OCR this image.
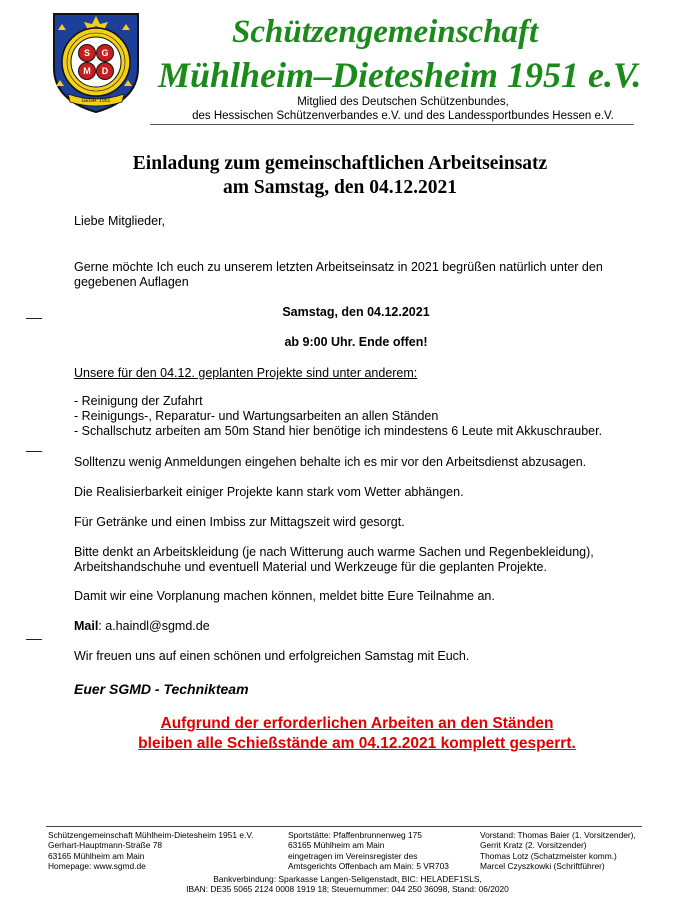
S G
M D
GEGR. 1951
Schützengemeinschaft
Mühlheim–Dietesheim 1951 e.V.
Mitglied des Deutschen Schützenbundes,
des Hessischen Schützenverbandes e.V. und des Landessportbundes Hessen e.V.
Einladung zum gemeinschaftlichen Arbeitseinsatz
am Samstag, den 04.12.2021
Liebe Mitglieder,
Gerne möchte Ich euch zu unserem letzten Arbeitseinsatz in 2021 begrüßen natürlich unter den
gegebenen Auflagen
Samstag, den 04.12.2021
ab 9:00 Uhr. Ende offen!
Unsere für den 04.12. geplanten Projekte sind unter anderem:
- Reinigung der Zufahrt
- Reinigungs-, Reparatur- und Wartungsarbeiten an allen Ständen
- Schallschutz arbeiten am 50m Stand hier benötige ich mindestens 6 Leute mit Akkuschrauber.
Solltenzu wenig Anmeldungen eingehen behalte ich es mir vor den Arbeitsdienst abzusagen.
Die Realisierbarkeit einiger Projekte kann stark vom Wetter abhängen.
Für Getränke und einen Imbiss zur Mittagszeit wird gesorgt.
Bitte denkt an Arbeitskleidung (je nach Witterung auch warme Sachen und Regenbekleidung),
Arbeitshandschuhe und eventuell Material und Werkzeuge für die geplanten Projekte.
Damit wir eine Vorplanung machen können, meldet bitte Eure Teilnahme an.
Mail: a.haindl@sgmd.de
Wir freuen uns auf einen schönen und erfolgreichen Samstag mit Euch.
Euer SGMD - Technikteam
Aufgrund der erforderlichen Arbeiten an den Ständen
bleiben alle Schießstände am 04.12.2021 komplett gesperrt.
Schützengemeinschaft Mühlheim-Dietesheim 1951 e.V.
Gerhart-Hauptmann-Straße 78
63165 Mühlheim am Main
Homepage: www.sgmd.de
Sportstätte: Pfaffenbrunnenweg 175
63165 Mühlheim am Main
eingetragen im Vereinsregister des
Amtsgerichts Offenbach am Main: 5 VR703
Vorstand: Thomas Baier (1. Vorsitzender),
Gerrit Kratz (2. Vorsitzender)
Thomas Lotz (Schatzmeister komm.)
Marcel Czyszkowki (Schriftführer)
Bankverbindung: Sparkasse Langen-Seligenstadt, BIC: HELADEF1SLS,
IBAN: DE35 5065 2124 0008 1919 18; Steuernummer: 044 250 36098, Stand: 06/2020
